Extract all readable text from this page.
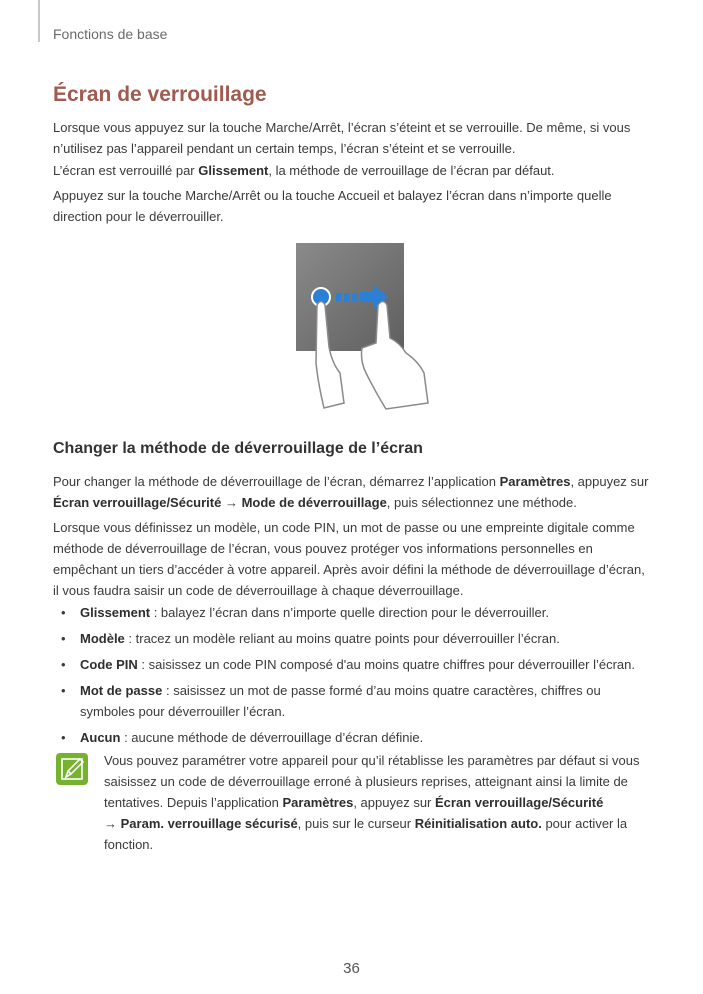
Fonctions de base
Écran de verrouillage

Lorsque vous appuyez sur la touche Marche/Arrêt, l’écran s’éteint et se verrouille. De même, si vous n’utilisez pas l’appareil pendant un certain temps, l’écran s’éteint et se verrouille.

L’écran est verrouillé par Glissement, la méthode de verrouillage de l’écran par défaut.

Appuyez sur la touche Marche/Arrêt ou la touche Accueil et balayez l’écran dans n’importe quelle direction pour le déverrouiller.

Changer la méthode de déverrouillage de l’écran

Pour changer la méthode de déverrouillage de l’écran, démarrez l’application Paramètres, appuyez sur Écran verrouillage/Sécurité → Mode de déverrouillage, puis sélectionnez une méthode.

Lorsque vous définissez un modèle, un code PIN, un mot de passe ou une empreinte digitale comme méthode de déverrouillage de l’écran, vous pouvez protéger vos informations personnelles en empêchant un tiers d’accéder à votre appareil. Après avoir défini la méthode de déverrouillage d’écran, il vous faudra saisir un code de déverrouillage à chaque déverrouillage.

• Glissement : balayez l’écran dans n’importe quelle direction pour le déverrouiller.
• Modèle : tracez un modèle reliant au moins quatre points pour déverrouiller l’écran.
• Code PIN : saisissez un code PIN composé d'au moins quatre chiffres pour déverrouiller l’écran.
• Mot de passe : saisissez un mot de passe formé d’au moins quatre caractères, chiffres ou symboles pour déverrouiller l’écran.
• Aucun : aucune méthode de déverrouillage d’écran définie.

Vous pouvez paramétrer votre appareil pour qu’il rétablisse les paramètres par défaut si vous saisissez un code de déverrouillage erroné à plusieurs reprises, atteignant ainsi la limite de tentatives. Depuis l’application Paramètres, appuyez sur Écran verrouillage/Sécurité
→ Param. verrouillage sécurisé, puis sur le curseur Réinitialisation auto. pour activer la fonction.

36
